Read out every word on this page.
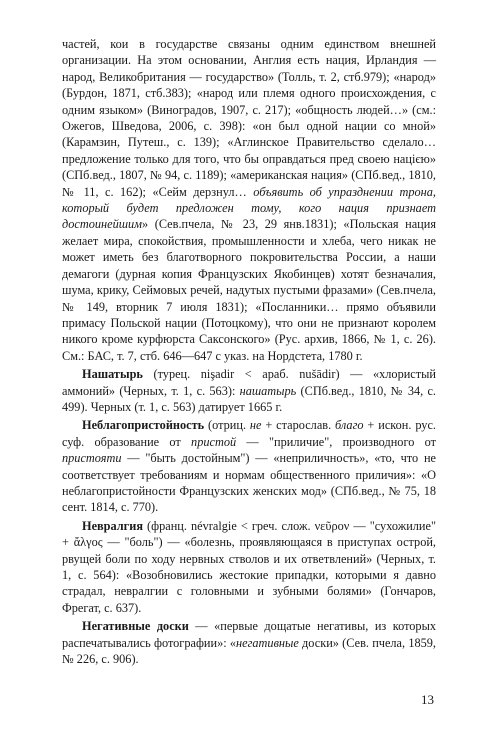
частей, кои в государстве связаны одним единством внешней организации. На этом основании, Англия есть нация, Ирландия — народ, Великобритания — государство» (Толль, т. 2, стб.979); «народ» (Бурдон, 1871, стб.383); «народ или племя одного происхождения, с одним языком» (Виноградов, 1907, с. 217); «общность людей…» (см.: Ожегов, Шведова, 2006, с. 398): «он был одной нации со мной» (Карамзин, Путеш., с. 139); «Аглинское Правительство сделало… предложение только для того, что бы оправдаться пред своею нацією» (СПб.вед., 1807, № 94, с. 1189); «американская нация» (СПб.вед., 1810, № 11, с. 162); «Сейм дерзнул… объявить об упразднении трона, который будет предложен тому, кого нация признает достоинейшим» (Сев.пчела, № 23, 29 янв.1831); «Польская нация желает мира, спокойствия, промышленности и хлеба, чего никак не может иметь без благотворного покровительства России, а наши демагоги (дурная копия Французских Якобинцев) хотят безначалия, шума, крику, Сеймовых речей, надутых пустыми фразами» (Сев.пчела, № 149, вторник 7 июля 1831); «Посланники… прямо объявили примасу Польской нации (Потоцкому), что они не признают королем никого кроме курфюрста Саксонского» (Рус. архив, 1866, № 1, с. 26). См.: БАС, т. 7, стб. 646—647 с указ. на Нордстета, 1780 г.

Нашатырь (турец. nişadir < араб. nušādir) — «хлористый аммоний» (Черных, т. 1, с. 563): нашатырь (СПб.вед., 1810, № 34, с. 499). Черных (т. 1, с. 563) датирует 1665 г.

Неблагопристойность (отриц. не + старослав. благо + искон. рус. суф. образование от пристой — "приличие", производного от пристояти — "быть достойным") — «неприличность», «то, что не соответствует требованиям и нормам общественного приличия»: «О неблагопристойности Французских женских мод» (СПб.вед., № 75, 18 сент. 1814, с. 770).

Невралгия (франц. névralgie < греч. слож. νεῦρον — "сухожилие" + ἄλγος — "боль") — «болезнь, проявляющаяся в приступах острой, рвущей боли по ходу нервных стволов и их ответвлений» (Черных, т. 1, с. 564): «Возобновились жестокие припадки, которыми я давно страдал, невралгии с головными и зубными болями» (Гончаров, Фрегат, с. 637).

Негативные доски — «первые дощатые негативы, из которых распечатывались фотографии»: «негативные доски» (Сев. пчела, 1859, № 226, с. 906).

13
